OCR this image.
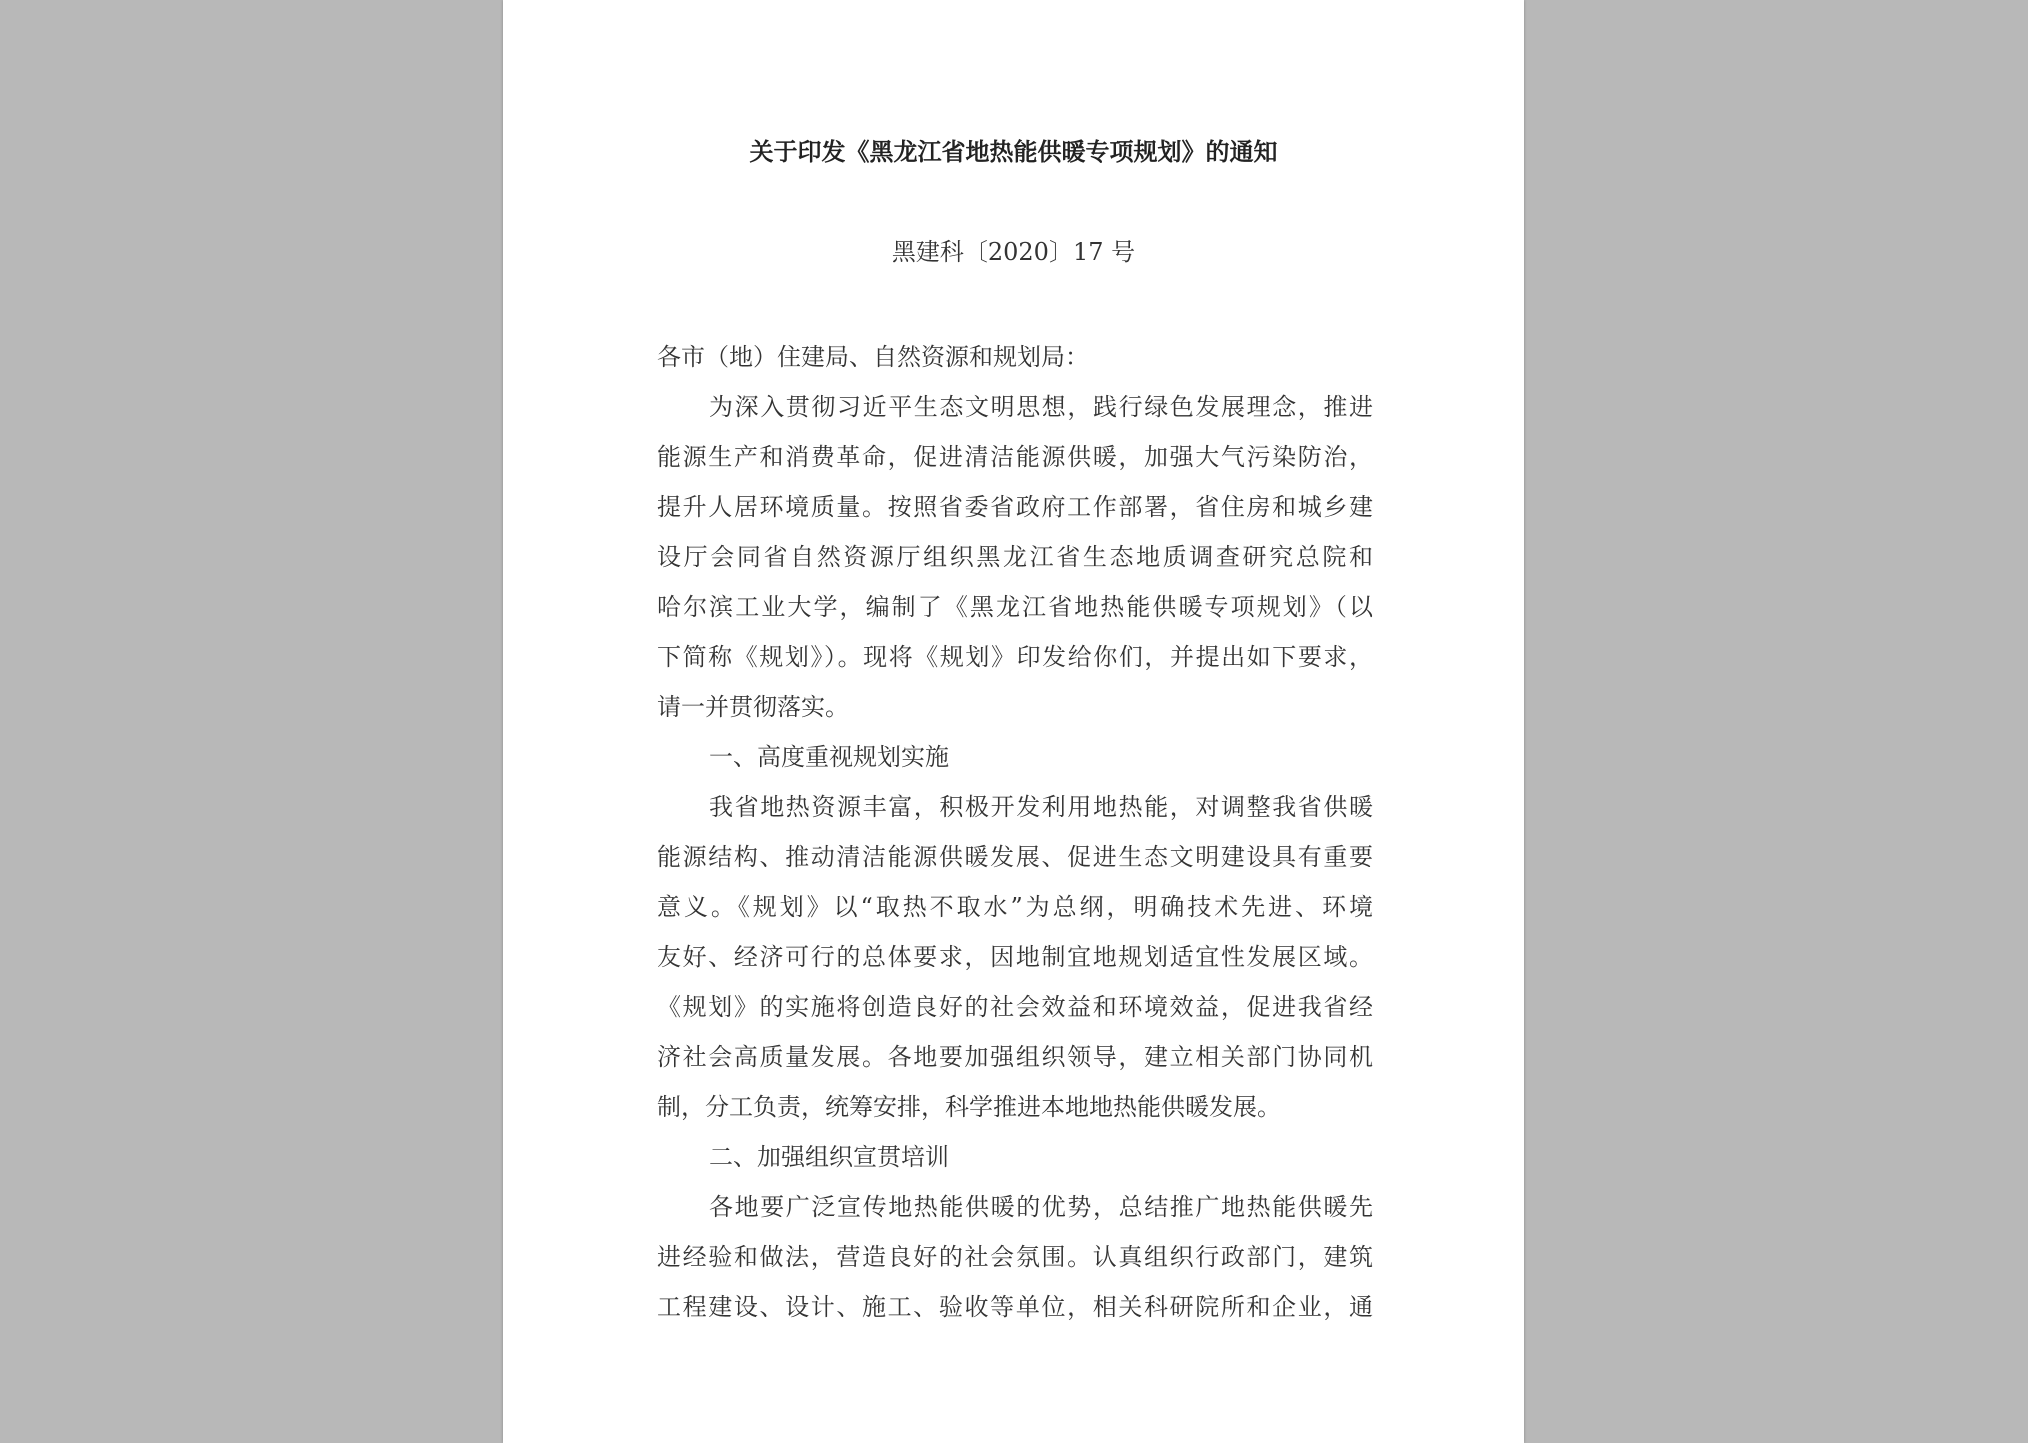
关于印发《黑龙江省地热能供暖专项规划》的通知
黑建科〔2020〕17 号
各市（地）住建局、自然资源和规划局：
为深入贯彻习近平生态文明思想，践行绿色发展理念，推进
能源生产和消费革命，促进清洁能源供暖，加强大气污染防治，
提升人居环境质量。按照省委省政府工作部署，省住房和城乡建
设厅会同省自然资源厅组织黑龙江省生态地质调查研究总院和
哈尔滨工业大学，编制了《黑龙江省地热能供暖专项规划》（以
下简称《规划》）。现将《规划》印发给你们，并提出如下要求，
请一并贯彻落实。
一、高度重视规划实施
我省地热资源丰富，积极开发利用地热能，对调整我省供暖
能源结构、推动清洁能源供暖发展、促进生态文明建设具有重要
意义。《规划》以“取热不取水”为总纲，明确技术先进、环境
友好、经济可行的总体要求，因地制宜地规划适宜性发展区域。
《规划》的实施将创造良好的社会效益和环境效益，促进我省经
济社会高质量发展。各地要加强组织领导，建立相关部门协同机
制，分工负责，统筹安排，科学推进本地地热能供暖发展。
二、加强组织宣贯培训
各地要广泛宣传地热能供暖的优势，总结推广地热能供暖先
进经验和做法，营造良好的社会氛围。认真组织行政部门，建筑
工程建设、设计、施工、验收等单位，相关科研院所和企业，通
